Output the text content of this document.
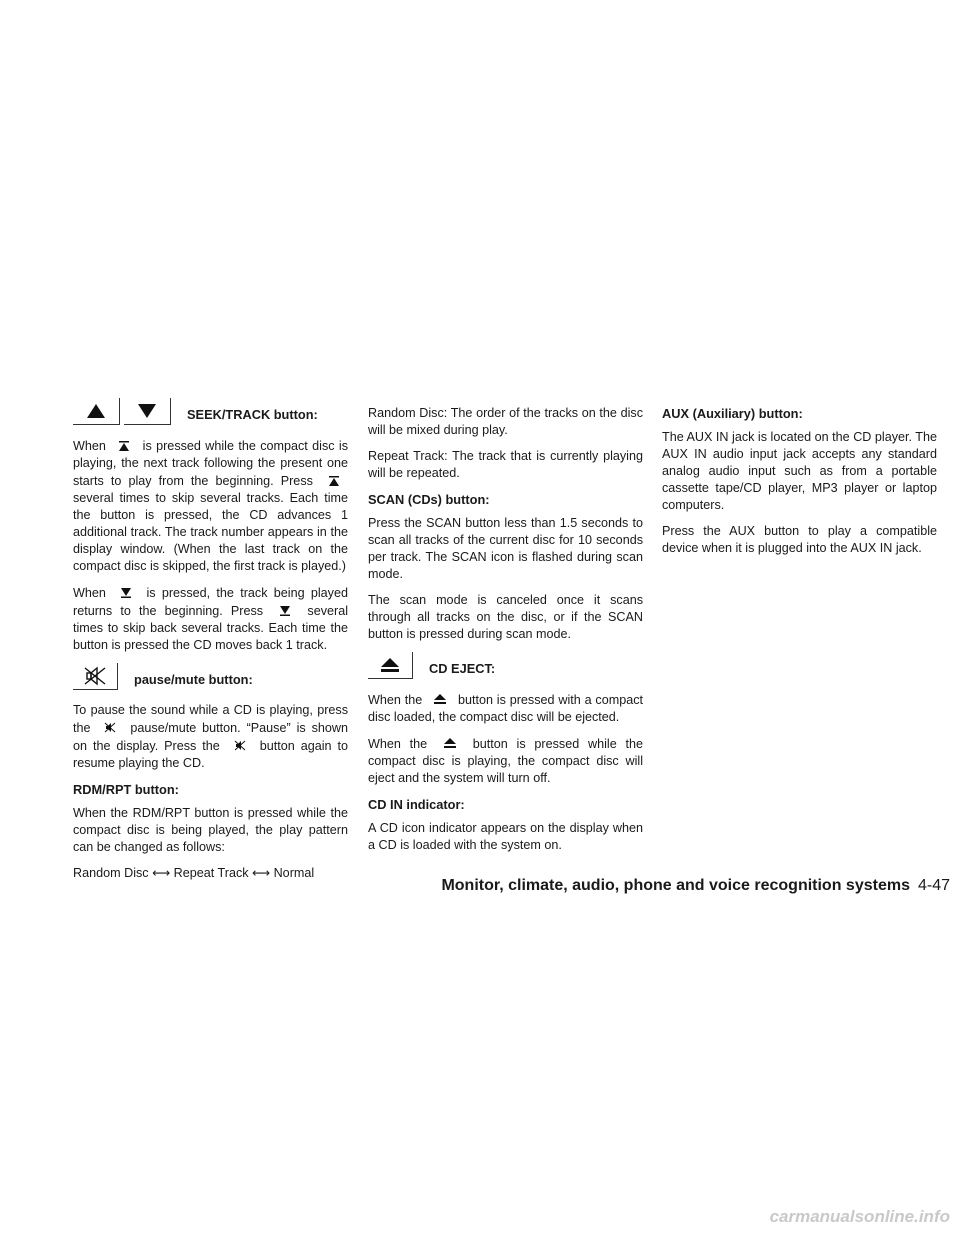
SEEK/TRACK button:

When	is pressed while the compact disc is playing, the next track following the present one starts to play from the beginning. Press  several times to skip several tracks. Each time the button is pressed, the CD advances 1 additional track. The track number appears in the display window. (When the last track on the compact disc is skipped, the first track is played.)

When	is pressed, the track being played returns to the beginning. Press	several times to skip back several tracks. Each time the button is pressed the CD moves back 1 track.

pause/mute button:

To pause the sound while a CD is playing, press the	pause/mute button. “Pause” is shown on the display. Press the	button again to resume playing the CD.

RDM/RPT button:

When the RDM/RPT button is pressed while the compact disc is being played, the play pattern can be changed as follows:

Random Disc ⟷ Repeat Track ⟷ Normal

Random Disc: The order of the tracks on the disc will be mixed during play.

Repeat Track: The track that is currently playing will be repeated.

SCAN (CDs) button:

Press the SCAN button less than 1.5 seconds to scan all tracks of the current disc for 10 seconds per track. The SCAN icon is flashed during scan mode.

The scan mode is canceled once it scans through all tracks on the disc, or if the SCAN button is pressed during scan mode.

CD EJECT:

When the	button is pressed with a compact disc loaded, the compact disc will be ejected.

When the	button is pressed while the compact disc is playing, the compact disc will eject and the system will turn off.

CD IN indicator:

A CD icon indicator appears on the display when a CD is loaded with the system on.

AUX (Auxiliary) button:

The AUX IN jack is located on the CD player. The AUX IN audio input jack accepts any standard analog audio input such as from a portable cassette tape/CD player, MP3 player or laptop computers.

Press the AUX button to play a compatible device when it is plugged into the AUX IN jack.

Monitor, climate, audio, phone and voice recognition systems 4-47
carmanualsonline.info
